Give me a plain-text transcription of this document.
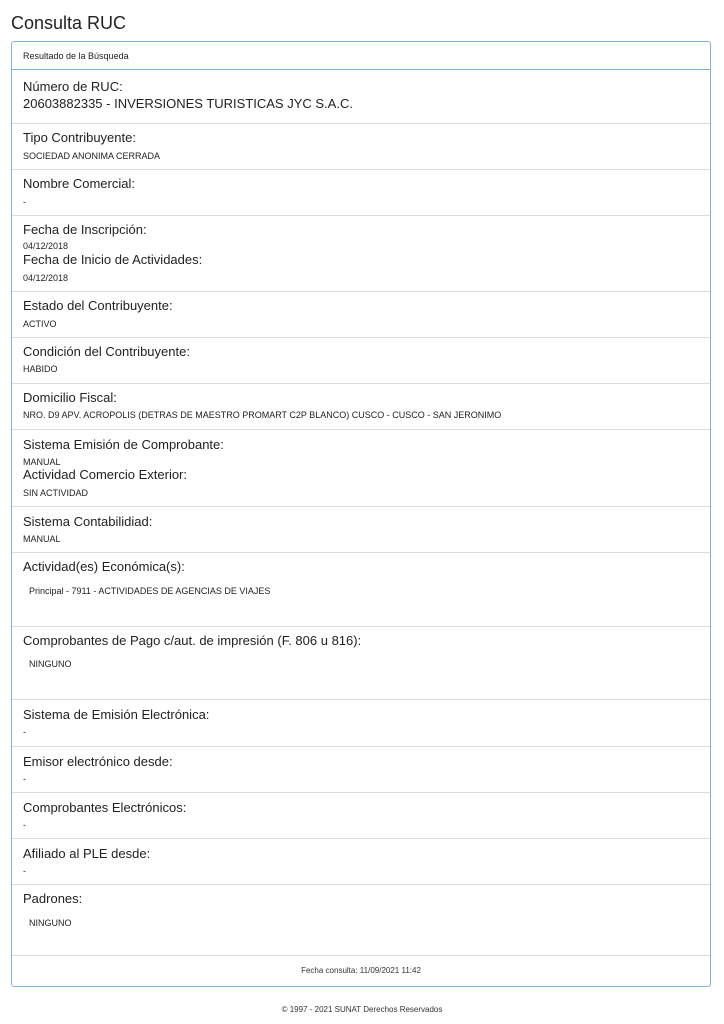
Consulta RUC
Resultado de la Búsqueda
Número de RUC:
20603882335 - INVERSIONES TURISTICAS JYC S.A.C.
Tipo Contribuyente:
SOCIEDAD ANONIMA CERRADA
Nombre Comercial:
-
Fecha de Inscripción:
04/12/2018
Fecha de Inicio de Actividades:
04/12/2018
Estado del Contribuyente:
ACTIVO
Condición del Contribuyente:
HABIDO
Domicilio Fiscal:
NRO. D9 APV. ACROPOLIS (DETRAS DE MAESTRO PROMART C2P BLANCO) CUSCO - CUSCO - SAN JERONIMO
Sistema Emisión de Comprobante:
MANUAL
Actividad Comercio Exterior:
SIN ACTIVIDAD
Sistema Contabilidiad:
MANUAL
Actividad(es) Económica(s):
Principal - 7911 - ACTIVIDADES DE AGENCIAS DE VIAJES
Comprobantes de Pago c/aut. de impresión (F. 806 u 816):
NINGUNO
Sistema de Emisión Electrónica:
-
Emisor electrónico desde:
-
Comprobantes Electrónicos:
-
Afiliado al PLE desde:
-
Padrones:
NINGUNO
Fecha consulta: 11/09/2021 11:42
© 1997 - 2021 SUNAT Derechos Reservados
